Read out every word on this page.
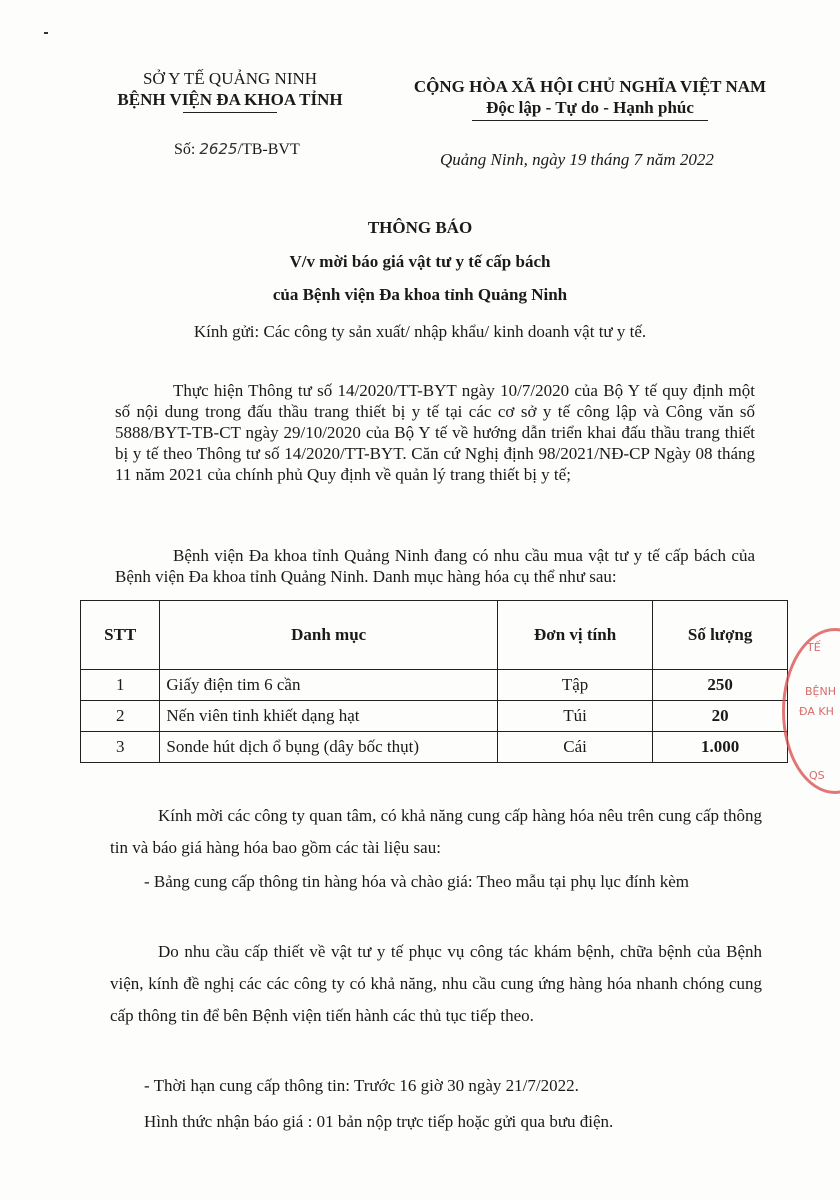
SỞ Y TẾ QUẢNG NINH
BỆNH VIỆN ĐA KHOA TỈNH
CỘNG HÒA XÃ HỘI CHỦ NGHĨA VIỆT NAM
Độc lập - Tự do - Hạnh phúc
Số: 2625/TB-BVT
Quảng Ninh, ngày 19 tháng 7 năm 2022
THÔNG BÁO
V/v mời báo giá vật tư y tế cấp bách
của Bệnh viện Đa khoa tỉnh Quảng Ninh
Kính gửi: Các công ty sản xuất/ nhập khẩu/ kinh doanh vật tư y tế.

Thực hiện Thông tư số 14/2020/TT-BYT ngày 10/7/2020 của Bộ Y tế quy định một số nội dung trong đấu thầu trang thiết bị y tế tại các cơ sở y tế công lập và Công văn số 5888/BYT-TB-CT ngày 29/10/2020 của Bộ Y tế về hướng dẫn triển khai đấu thầu trang thiết bị y tế theo Thông tư số 14/2020/TT-BYT. Căn cứ Nghị định 98/2021/NĐ-CP Ngày 08 tháng 11 năm 2021 của chính phủ Quy định về quản lý trang thiết bị y tế;

Bệnh viện Đa khoa tỉnh Quảng Ninh đang có nhu cầu mua vật tư y tế cấp bách của Bệnh viện Đa khoa tỉnh Quảng Ninh. Danh mục hàng hóa cụ thể như sau:

STT	Danh mục	Đơn vị tính	Số lượng
1	Giấy điện tim 6 cần	Tập	250
2	Nến viên tinh khiết dạng hạt	Túi	20
3	Sonde hút dịch ổ bụng (dây bốc thụt)	Cái	1.000
TẾ
BỆNH
ĐA KH
QS

Kính mời các công ty quan tâm, có khả năng cung cấp hàng hóa nêu trên cung cấp thông tin và báo giá hàng hóa bao gồm các tài liệu sau:

- Bảng cung cấp thông tin hàng hóa và chào giá: Theo mẫu tại phụ lục đính kèm

Do nhu cầu cấp thiết về vật tư y tế phục vụ công tác khám bệnh, chữa bệnh của Bệnh viện, kính đề nghị các các công ty có khả năng, nhu cầu cung ứng hàng hóa nhanh chóng cung cấp thông tin để bên Bệnh viện tiến hành các thủ tục tiếp theo.

- Thời hạn cung cấp thông tin: Trước 16 giờ 30 ngày 21/7/2022.

Hình thức nhận báo giá : 01 bản nộp trực tiếp hoặc gửi qua bưu điện.
